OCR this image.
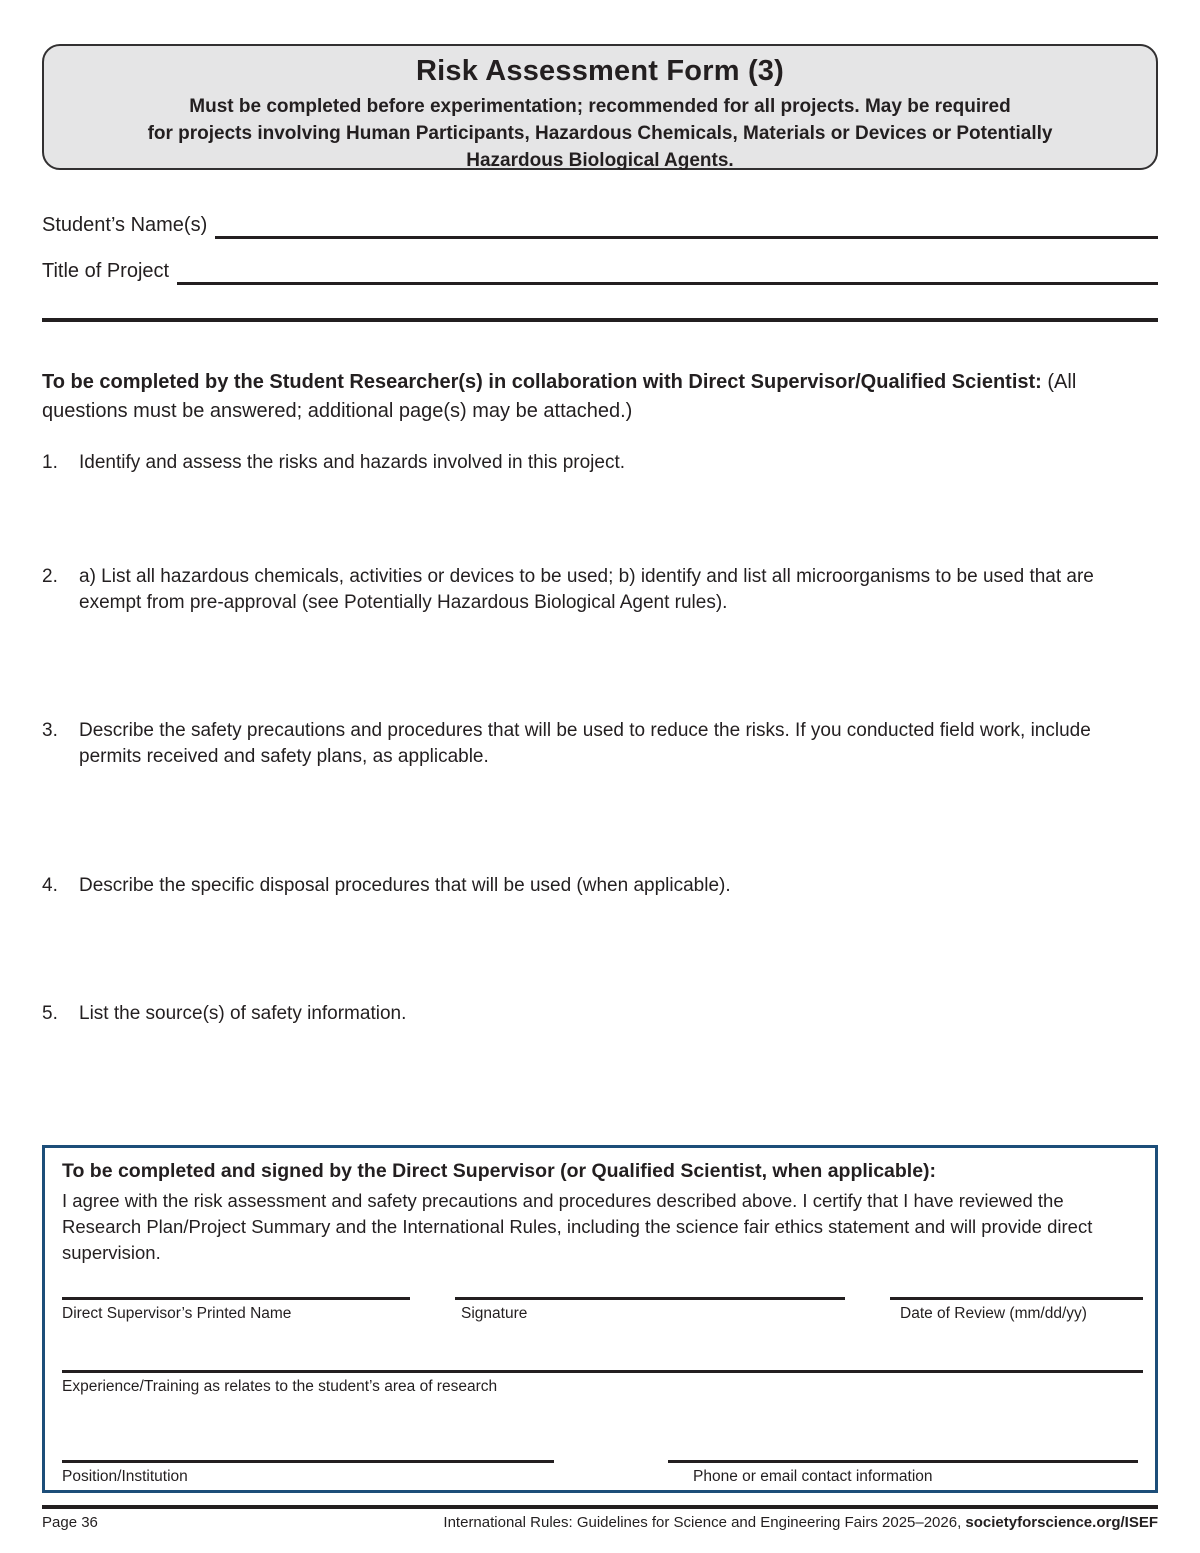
Risk Assessment Form (3)
Must be completed before experimentation; recommended for all projects. May be required
for projects involving Human Participants, Hazardous Chemicals, Materials or Devices or Potentially
Hazardous Biological Agents.
Student’s Name(s)
Title of Project
To be completed by the Student Researcher(s) in collaboration with Direct Supervisor/Qualified Scientist: (All questions must be answered; additional page(s) may be attached.)
1.	Identify and assess the risks and hazards involved in this project.
2.	a) List all hazardous chemicals, activities or devices to be used; b) identify and list all microorganisms to be used that are exempt from pre-approval (see Potentially Hazardous Biological Agent rules).
3.	Describe the safety precautions and procedures that will be used to reduce the risks. If you conducted field work, include permits received and safety plans, as applicable.
4.	Describe the specific disposal procedures that will be used (when applicable).
5.	List the source(s) of safety information.
To be completed and signed by the Direct Supervisor (or Qualified Scientist, when applicable):
I agree with the risk assessment and safety precautions and procedures described above. I certify that I have reviewed the Research Plan/Project Summary and the International Rules, including the science fair ethics statement and will provide direct supervision.
Direct Supervisor’s Printed Name	Signature	Date of Review (mm/dd/yy)
Experience/Training as relates to the student’s area of research
Position/Institution	Phone or email contact information
Page 36	International Rules: Guidelines for Science and Engineering Fairs 2025–2026, societyforscience.org/ISEF
